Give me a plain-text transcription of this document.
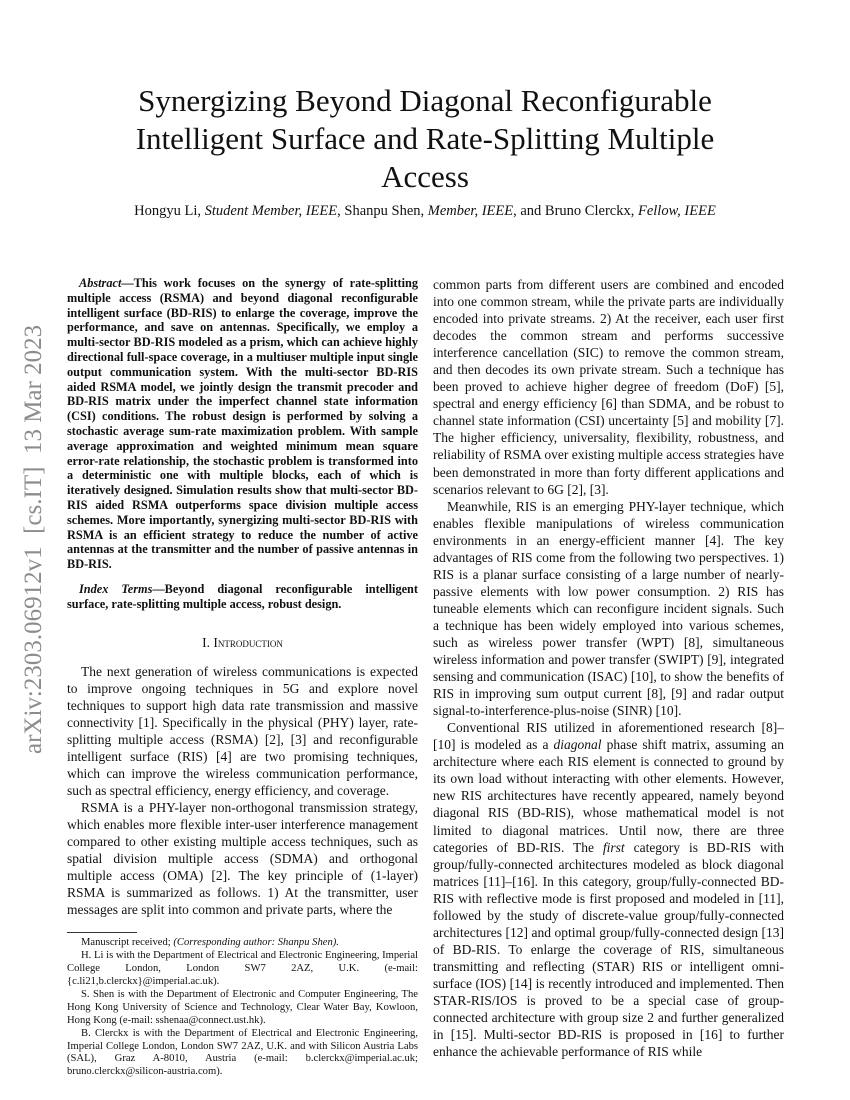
arXiv:2303.06912v1  [cs.IT]  13 Mar 2023
Synergizing Beyond Diagonal Reconfigurable Intelligent Surface and Rate-Splitting Multiple Access
Hongyu Li, Student Member, IEEE, Shanpu Shen, Member, IEEE, and Bruno Clerckx, Fellow, IEEE

Abstract—This work focuses on the synergy of rate-splitting multiple access (RSMA) and beyond diagonal reconfigurable intelligent surface (BD-RIS) to enlarge the coverage, improve the performance, and save on antennas. Specifically, we employ a multi-sector BD-RIS modeled as a prism, which can achieve highly directional full-space coverage, in a multiuser multiple input single output communication system. With the multi-sector BD-RIS aided RSMA model, we jointly design the transmit precoder and BD-RIS matrix under the imperfect channel state information (CSI) conditions. The robust design is performed by solving a stochastic average sum-rate maximization problem. With sample average approximation and weighted minimum mean square error-rate relationship, the stochastic problem is transformed into a deterministic one with multiple blocks, each of which is iteratively designed. Simulation results show that multi-sector BD-RIS aided RSMA outperforms space division multiple access schemes. More importantly, synergizing multi-sector BD-RIS with RSMA is an efficient strategy to reduce the number of active antennas at the transmitter and the number of passive antennas in BD-RIS.

Index Terms—Beyond diagonal reconfigurable intelligent surface, rate-splitting multiple access, robust design.

I. Introduction

The next generation of wireless communications is expected to improve ongoing techniques in 5G and explore novel techniques to support high data rate transmission and massive connectivity [1]. Specifically in the physical (PHY) layer, rate-splitting multiple access (RSMA) [2], [3] and reconfigurable intelligent surface (RIS) [4] are two promising techniques, which can improve the wireless communication performance, such as spectral efficiency, energy efficiency, and coverage.

RSMA is a PHY-layer non-orthogonal transmission strategy, which enables more flexible inter-user interference management compared to other existing multiple access techniques, such as spatial division multiple access (SDMA) and orthogonal multiple access (OMA) [2]. The key principle of (1-layer) RSMA is summarized as follows. 1) At the transmitter, user messages are split into common and private parts, where the

Manuscript received; (Corresponding author: Shanpu Shen).

H. Li is with the Department of Electrical and Electronic Engineering, Imperial College London, London SW7 2AZ, U.K. (e-mail:{c.li21,b.clerckx}@imperial.ac.uk).

S. Shen is with the Department of Electronic and Computer Engineering, The Hong Kong University of Science and Technology, Clear Water Bay, Kowloon, Hong Kong (e-mail: sshenaa@connect.ust.hk).

B. Clerckx is with the Department of Electrical and Electronic Engineering, Imperial College London, London SW7 2AZ, U.K. and with Silicon Austria Labs (SAL), Graz A-8010, Austria (e-mail: b.clerckx@imperial.ac.uk; bruno.clerckx@silicon-austria.com).

common parts from different users are combined and encoded into one common stream, while the private parts are individually encoded into private streams. 2) At the receiver, each user first decodes the common stream and performs successive interference cancellation (SIC) to remove the common stream, and then decodes its own private stream. Such a technique has been proved to achieve higher degree of freedom (DoF) [5], spectral and energy efficiency [6] than SDMA, and be robust to channel state information (CSI) uncertainty [5] and mobility [7]. The higher efficiency, universality, flexibility, robustness, and reliability of RSMA over existing multiple access strategies have been demonstrated in more than forty different applications and scenarios relevant to 6G [2], [3].

Meanwhile, RIS is an emerging PHY-layer technique, which enables flexible manipulations of wireless communication environments in an energy-efficient manner [4]. The key advantages of RIS come from the following two perspectives. 1) RIS is a planar surface consisting of a large number of nearly-passive elements with low power consumption. 2) RIS has tuneable elements which can reconfigure incident signals. Such a technique has been widely employed into various schemes, such as wireless power transfer (WPT) [8], simultaneous wireless information and power transfer (SWIPT) [9], integrated sensing and communication (ISAC) [10], to show the benefits of RIS in improving sum output current [8], [9] and radar output signal-to-interference-plus-noise (SINR) [10].

Conventional RIS utilized in aforementioned research [8]–[10] is modeled as a diagonal phase shift matrix, assuming an architecture where each RIS element is connected to ground by its own load without interacting with other elements. However, new RIS architectures have recently appeared, namely beyond diagonal RIS (BD-RIS), whose mathematical model is not limited to diagonal matrices. Until now, there are three categories of BD-RIS. The first category is BD-RIS with group/fully-connected architectures modeled as block diagonal matrices [11]–[16]. In this category, group/fully-connected BD-RIS with reflective mode is first proposed and modeled in [11], followed by the study of discrete-value group/fully-connected architectures [12] and optimal group/fully-connected design [13] of BD-RIS. To enlarge the coverage of RIS, simultaneous transmitting and reflecting (STAR) RIS or intelligent omni-surface (IOS) [14] is recently introduced and implemented. Then STAR-RIS/IOS is proved to be a special case of group-connected architecture with group size 2 and further generalized in [15]. Multi-sector BD-RIS is proposed in [16] to further enhance the achievable performance of RIS while
